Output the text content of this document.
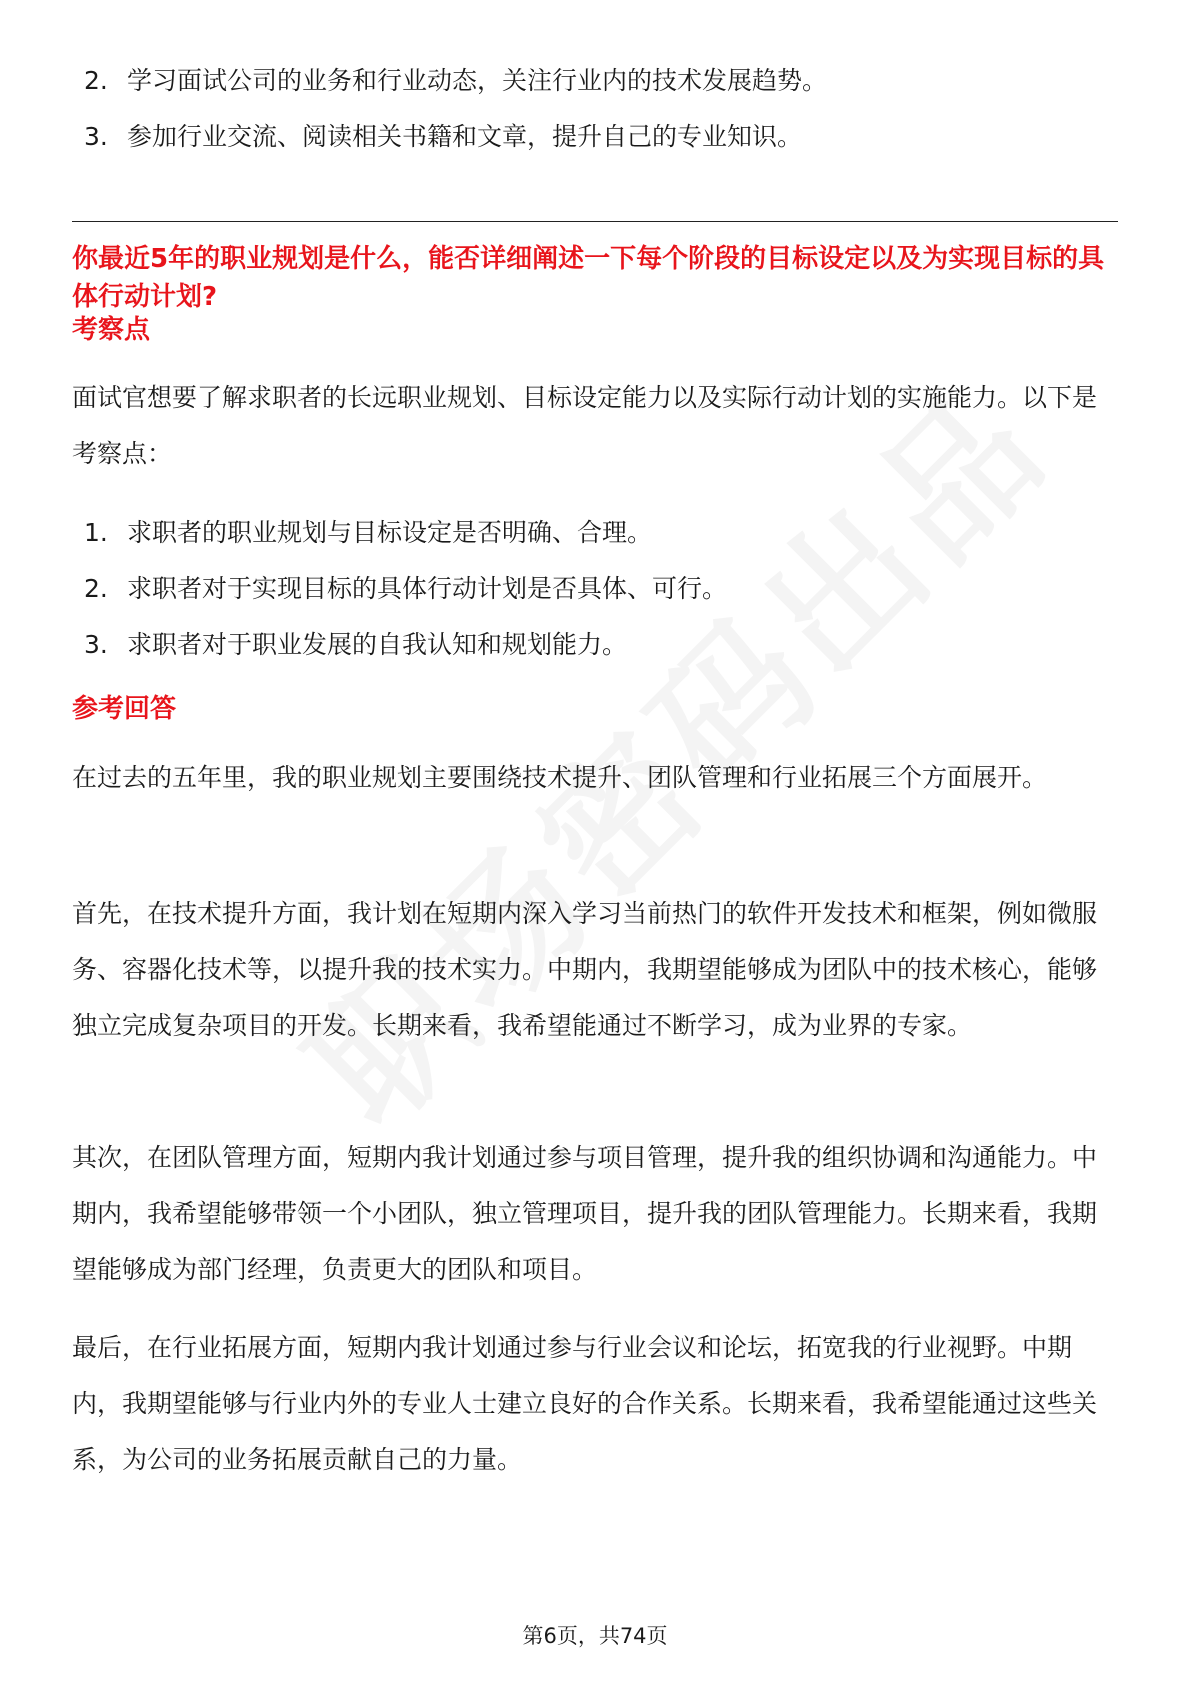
2. 学习面试公司的业务和行业动态，关注行业内的技术发展趋势。
3. 参加行业交流、阅读相关书籍和文章，提升自己的专业知识。
你最近5年的职业规划是什么，能否详细阐述一下每个阶段的目标设定以及为实现目标的具体行动计划?
考察点

面试官想要了解求职者的长远职业规划、目标设定能力以及实际行动计划的实施能力。以下是考察点：

1. 求职者的职业规划与目标设定是否明确、合理。
2. 求职者对于实现目标的具体行动计划是否具体、可行。
3. 求职者对于职业发展的自我认知和规划能力。
参考回答

在过去的五年里，我的职业规划主要围绕技术提升、团队管理和行业拓展三个方面展开。

首先，在技术提升方面，我计划在短期内深入学习当前热门的软件开发技术和框架，例如微服务、容器化技术等，以提升我的技术实力。中期内，我期望能够成为团队中的技术核心，能够独立完成复杂项目的开发。长期来看，我希望能通过不断学习，成为业界的专家。

其次，在团队管理方面，短期内我计划通过参与项目管理，提升我的组织协调和沟通能力。中期内，我希望能够带领一个小团队，独立管理项目，提升我的团队管理能力。长期来看，我期望能够成为部门经理，负责更大的团队和项目。

最后，在行业拓展方面，短期内我计划通过参与行业会议和论坛，拓宽我的行业视野。中期内，我期望能够与行业内外的专业人士建立良好的合作关系。长期来看，我希望能通过这些关系，为公司的业务拓展贡献自己的力量。

第6页，共74页
